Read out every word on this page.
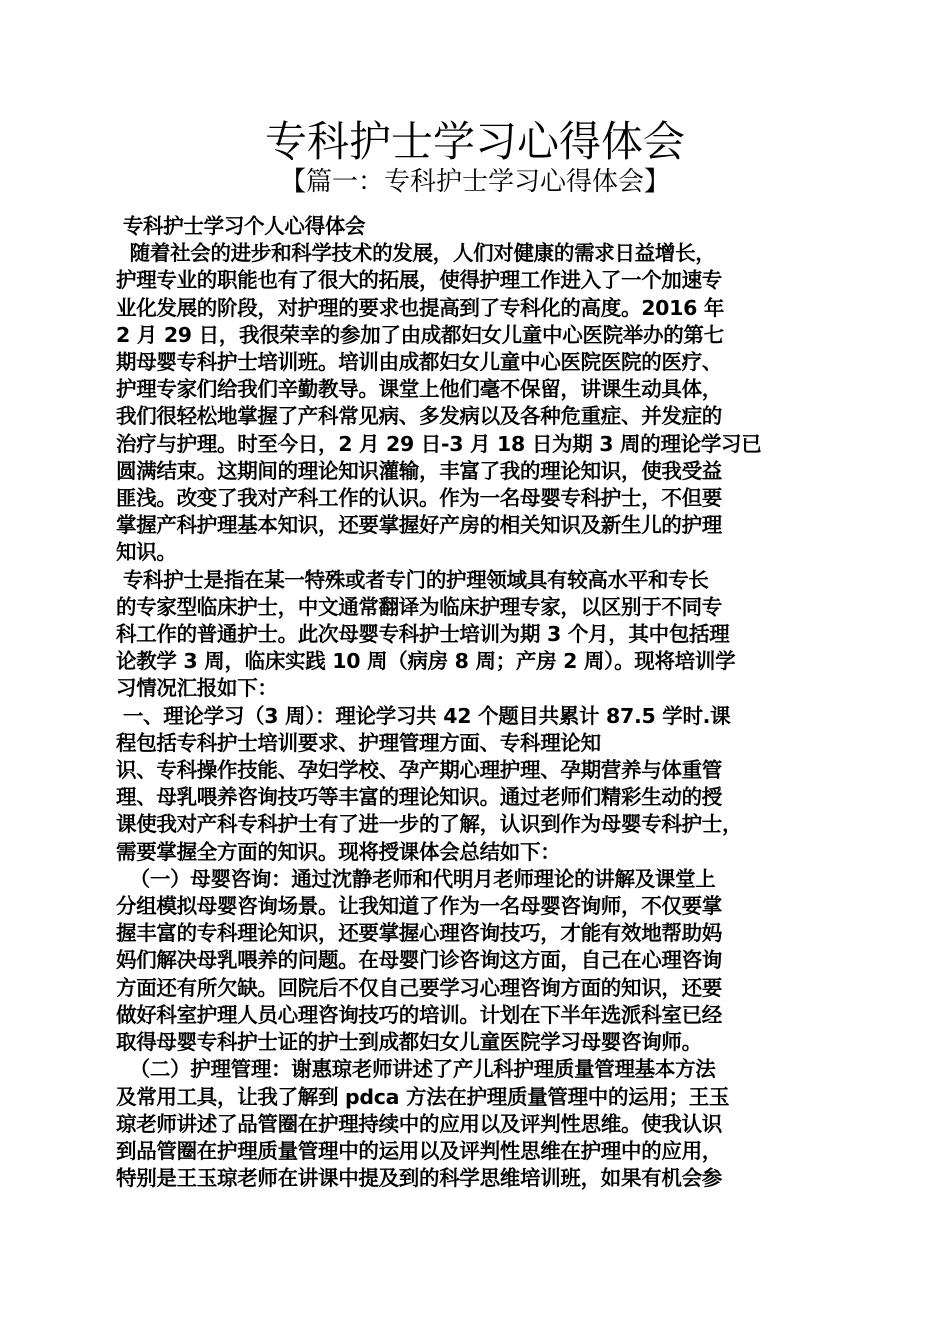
专科护士学习心得体会
【篇一：专科护士学习心得体会】
专科护士学习个人心得体会
随着社会的进步和科学技术的发展，人们对健康的需求日益增长，
护理专业的职能也有了很大的拓展，使得护理工作进入了一个加速专
业化发展的阶段，对护理的要求也提高到了专科化的高度。2016 年
2 月 29 日，我很荣幸的参加了由成都妇女儿童中心医院举办的第七
期母婴专科护士培训班。培训由成都妇女儿童中心医院医院的医疗、
护理专家们给我们辛勤教导。课堂上他们毫不保留，讲课生动具体，
我们很轻松地掌握了产科常见病、多发病以及各种危重症、并发症的
治疗与护理。时至今日，2 月 29 日-3 月 18 日为期 3 周的理论学习已
圆满结束。这期间的理论知识灌输，丰富了我的理论知识，使我受益
匪浅。改变了我对产科工作的认识。作为一名母婴专科护士，不但要
掌握产科护理基本知识，还要掌握好产房的相关知识及新生儿的护理
知识。
专科护士是指在某一特殊或者专门的护理领域具有较高水平和专长
的专家型临床护士，中文通常翻译为临床护理专家，以区别于不同专
科工作的普通护士。此次母婴专科护士培训为期 3 个月，其中包括理
论教学 3 周，临床实践 10 周（病房 8 周；产房 2 周）。现将培训学
习情况汇报如下：
一、理论学习（3 周）：理论学习共 42 个题目共累计 87.5 学时.课
程包括专科护士培训要求、护理管理方面、专科理论知
识、专科操作技能、孕妇学校、孕产期心理护理、孕期营养与体重管
理、母乳喂养咨询技巧等丰富的理论知识。通过老师们精彩生动的授
课使我对产科专科护士有了进一步的了解，认识到作为母婴专科护士，
需要掌握全方面的知识。现将授课体会总结如下：
（一）母婴咨询：通过沈静老师和代明月老师理论的讲解及课堂上
分组模拟母婴咨询场景。让我知道了作为一名母婴咨询师，不仅要掌
握丰富的专科理论知识，还要掌握心理咨询技巧，才能有效地帮助妈
妈们解决母乳喂养的问题。在母婴门诊咨询这方面，自己在心理咨询
方面还有所欠缺。回院后不仅自己要学习心理咨询方面的知识，还要
做好科室护理人员心理咨询技巧的培训。计划在下半年选派科室已经
取得母婴专科护士证的护士到成都妇女儿童医院学习母婴咨询师。
（二）护理管理：谢惠琼老师讲述了产儿科护理质量管理基本方法
及常用工具，让我了解到 pdca 方法在护理质量管理中的运用；王玉
琼老师讲述了品管圈在护理持续中的应用以及评判性思维。使我认识
到品管圈在护理质量管理中的运用以及评判性思维在护理中的应用，
特别是王玉琼老师在讲课中提及到的科学思维培训班，如果有机会参
